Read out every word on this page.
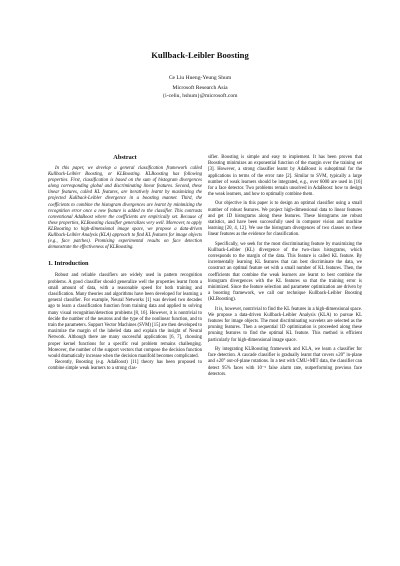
Kullback-Leibler Boosting
Ce Liu Hueng-Yeung Shum
Microsoft Research Asia
{i-celiu, hshum}@microsoft.com
Abstract

In this paper, we develop a general classification framework called Kullback-Leibler Boosting, or KLBoosting. KLBoosting has following properties. First, classification is based on the sum of histogram divergences along corresponding global and discriminating linear features. Second, these linear features, called KL features, are iteratively learnt by maximizing the projected Kullback-Leibler divergence in a boosting manner. Third, the coefficients to combine the histogram divergences are learnt by minimizing the recognition error once a new feature is added to the classifier. This contrasts conventional AdaBoost where the coefficients are empirically set. Because of these properties, KLBoosting classifier generalizes very well. Moreover, to apply KLBoosting to high-dimensional image space, we propose a data-driven Kullback-Leibler Analysis (KLA) approach to find KL features for image objects (e.g., face patches). Promising experimental results on face detection demonstrate the effectiveness of KLBoosting.

1. Introduction

Robust and reliable classifiers are widely used in pattern recognition problems. A good classifier should generalize well the properties learnt from a small amount of data, with a reasonable speed for both training and classification. Many theories and algorithms have been developed for learning a general classifier. For example, Neural Networks [1] was devised two decades ago to learn a classification function from training data and applied to solving many visual recognition/detection problems [8, 16]. However, it is nontrivial to decide the number of the neurons and the type of the nonlinear function, and to train the parameters. Support Vector Machines (SVM) [15] are then developed to maximize the margin of the labeled data and explain the insight of Neural Network. Although there are many successful applications [6, 7], choosing proper kernel functions for a specific real problem remains challenging. Moreover, the number of the support vectors that compose the decision function would dramatically increase when the decision manifold becomes complicated.

Recently, Boosting (e.g. AdaBoost) [11] theory has been proposed to combine simple weak learners to a strong clas-

sifier. Boosting is simple and easy to implement. It has been proven that Boosting minimizes an exponential function of the margin over the training set [3]. However, a strong classifier learnt by AdaBoost is suboptimal for the applications in terms of the error rate [2]. Similar to SVM, typically a large number of weak learners should be integrated, e.g., over 6000 are used in [16] for a face detector. Two problems remain unsolved in AdaBoost: how to design the weak learners, and how to optimally combine them.

Our objective in this paper is to design an optimal classifier using a small number of robust features. We project high-dimensional data to linear features and get 1D histograms along these features. These histograms are robust statistics, and have been successfully used in computer vision and machine learning [20, 4, 12]. We use the histogram divergences of two classes on these linear features as the evidence for classification.

Specifically, we seek for the most discriminating feature by maximizing the Kullback-Leibler (KL) divergence of the two-class histograms, which corresponds to the margin of the data. This feature is called KL feature. By incrementally learning KL features that can best discriminate the data, we construct an optimal feature set with a small number of KL features. Then, the coefficients that combine the weak learners are learnt to best combine the histogram divergences with the KL features so that the training error is minimized. Since the feature selection and parameter optimization are driven by a boosting framework, we call our technique Kullback-Leibler Boosting (KLBoosting).

It is, however, nontrivial to find the KL features in a high-dimensional space. We propose a data-driven Kullback-Leibler Analysis (KLA) to pursue KL features for image objects. The most discriminating wavelets are selected as the pruning features. Then a sequential 1D optimization is proceeded along these pruning features to find the optimal KL feature. This method is efficient particularly for high-dimensional image space.

By integrating KLBoosting framework and KLA, we learn a classifier for face detection. A cascade classifier is gradually learnt that covers ±20° in-plane and ±20° out-of-plane rotations. In a test with CMU+MIT data, the classifier can detect 95% faces with 10⁻⁵ false alarm rate, outperforming previous face detectors.
